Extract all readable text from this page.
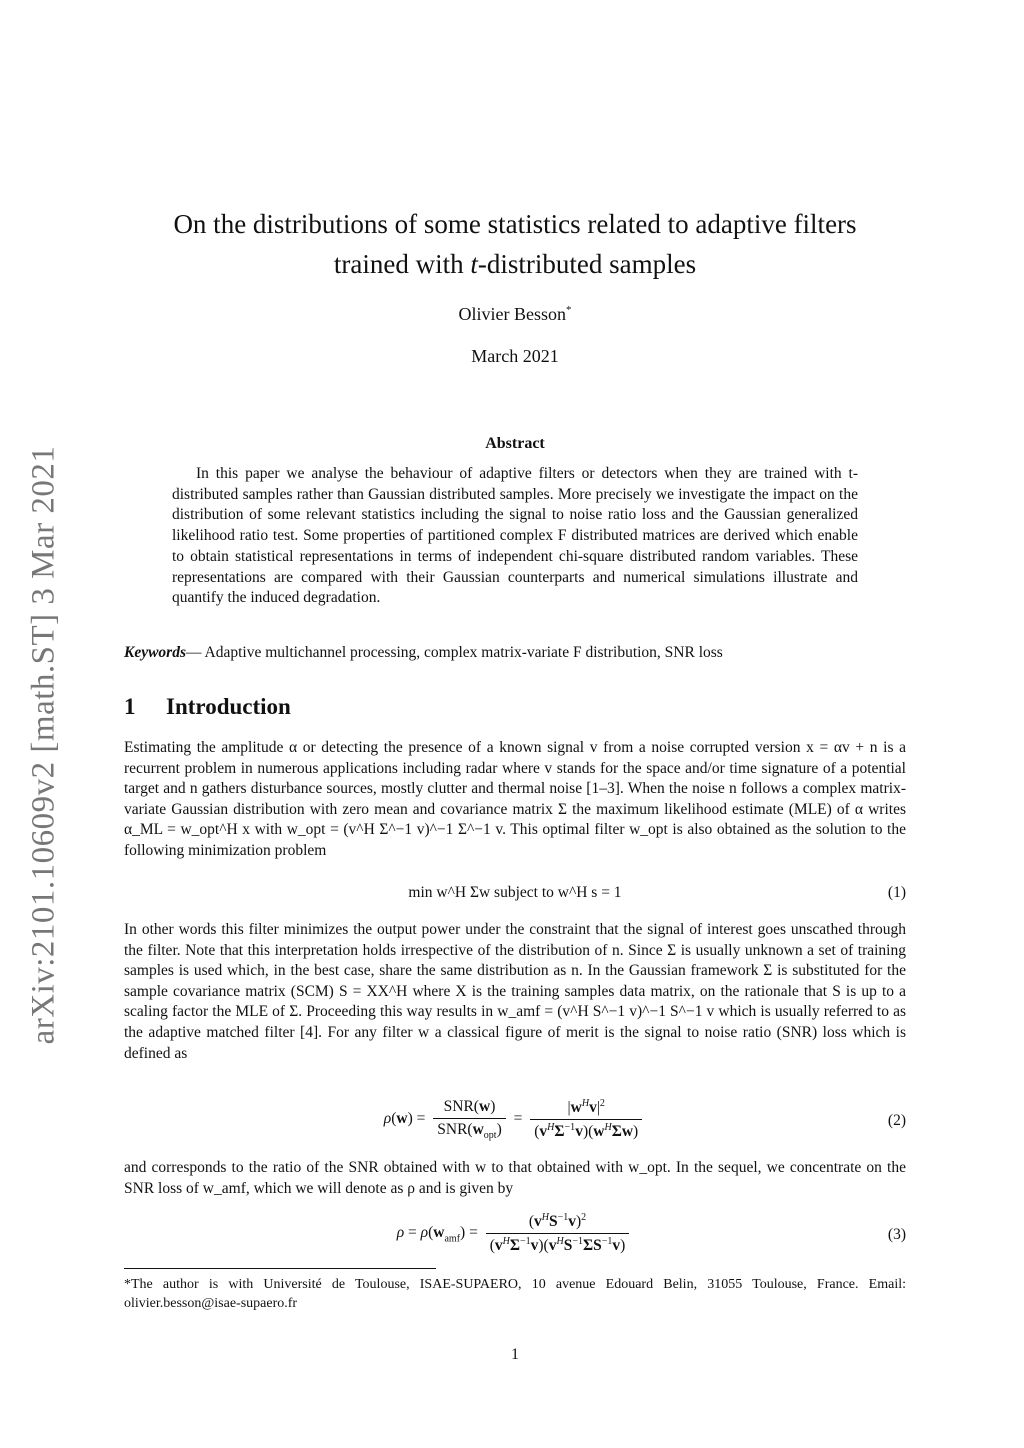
arXiv:2101.10609v2 [math.ST] 3 Mar 2021
On the distributions of some statistics related to adaptive filters
trained with t-distributed samples
Olivier Besson*
March 2021
Abstract
In this paper we analyse the behaviour of adaptive filters or detectors when they are trained with t-distributed samples rather than Gaussian distributed samples. More precisely we investigate the impact on the distribution of some relevant statistics including the signal to noise ratio loss and the Gaussian generalized likelihood ratio test. Some properties of partitioned complex F distributed matrices are derived which enable to obtain statistical representations in terms of independent chi-square distributed random variables. These representations are compared with their Gaussian counterparts and numerical simulations illustrate and quantify the induced degradation.
Keywords— Adaptive multichannel processing, complex matrix-variate F distribution, SNR loss
1 Introduction
Estimating the amplitude α or detecting the presence of a known signal v from a noise corrupted version x = αv + n is a recurrent problem in numerous applications including radar where v stands for the space and/or time signature of a potential target and n gathers disturbance sources, mostly clutter and thermal noise [1–3]. When the noise n follows a complex matrix-variate Gaussian distribution with zero mean and covariance matrix Σ the maximum likelihood estimate (MLE) of α writes α_ML = w_opt^H x with w_opt = (v^H Σ^−1 v)^−1 Σ^−1 v. This optimal filter w_opt is also obtained as the solution to the following minimization problem
min w^H Σw subject to w^H s = 1	(1)
In other words this filter minimizes the output power under the constraint that the signal of interest goes unscathed through the filter. Note that this interpretation holds irrespective of the distribution of n. Since Σ is usually unknown a set of training samples is used which, in the best case, share the same distribution as n. In the Gaussian framework Σ is substituted for the sample covariance matrix (SCM) S = XX^H where X is the training samples data matrix, on the rationale that S is up to a scaling factor the MLE of Σ. Proceeding this way results in w_amf = (v^H S^−1 v)^−1 S^−1 v which is usually referred to as the adaptive matched filter [4]. For any filter w a classical figure of merit is the signal to noise ratio (SNR) loss which is defined as
$\rho(w) = \frac{\text{SNR(w)}}{SNR(w_{opt})} = \frac{|w^Hv|^2}{(v^H\Sigma^{-1}v)(w^H\Sigma w)}$	(2)
and corresponds to the ratio of the SNR obtained with w to that obtained with w_opt. In the sequel, we concentrate on the SNR loss of w_amf, which we will denote as ρ and is given by
$\rho = \rho(w_{amf}) = \frac{(v^HS^{-1}v)^2}{(v^H\Sigma^{-1}v)(v^HS^{-1}\Sigma S^{-1}v)}$	(3)
*The author is with Université de Toulouse, ISAE-SUPAERO, 10 avenue Edouard Belin, 31055 Toulouse, France. Email: olivier.besson@isae-supaero.fr
1
